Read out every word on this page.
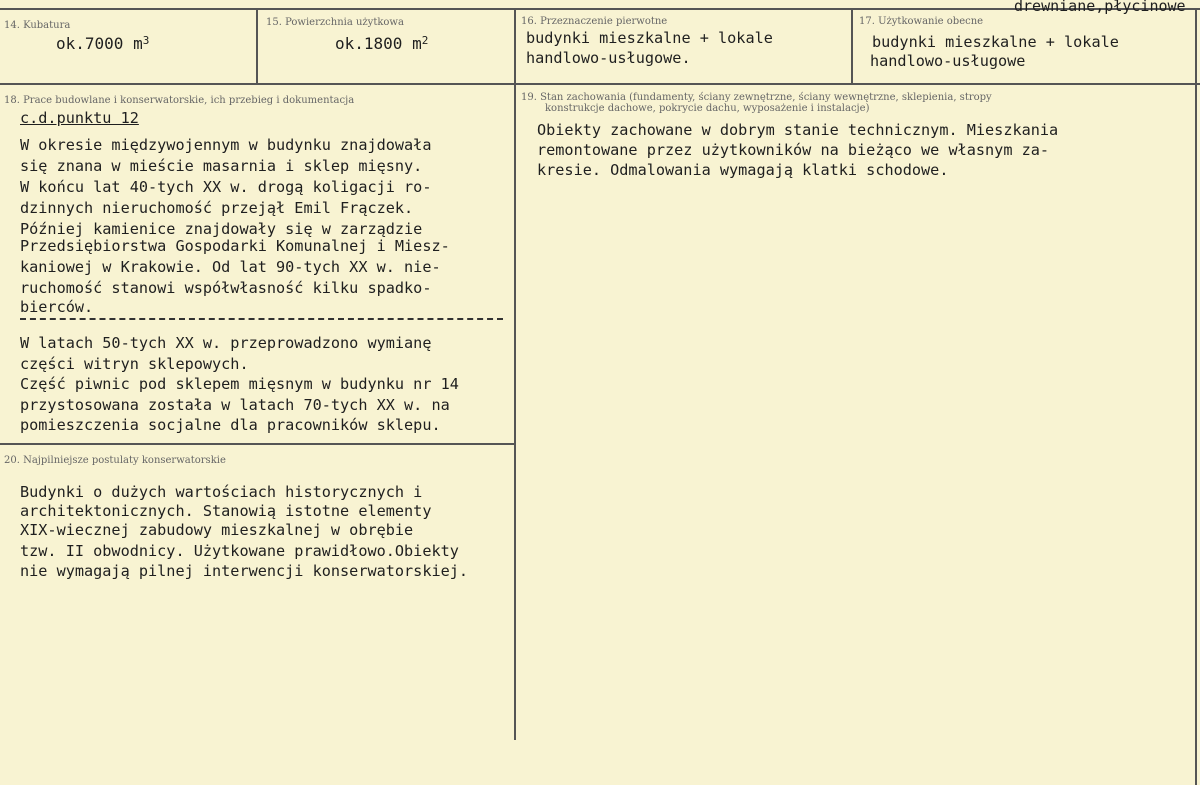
14. Kubatura
ok.7000 $m^3$
15. Powierzchnia użytkowa
ok.1800 $m^2$
16. Przeznaczenie pierwotne
budynki mieszkalne + lokale
handlowo-usługowe.
17. Użytkowanie obecne
budynki mieszkalne + lokale
handlowo-usługowe
drewniane,płycinowe
18. Prace budowlane i konserwatorskie, ich przebieg i dokumentacja
c.d.punktu 12
W okresie międzywojennym w budynku znajdowała
się znana w mieście masarnia i sklep mięsny.
W końcu lat 40-tych XX w. drogą koligacji ro-
dzinnych nieruchomość przejął Emil Frączek.
Później kamienice znajdowały się w zarządzie
Przedsiębiorstwa Gospodarki Komunalnej i Miesz-
kaniowej w Krakowie. Od lat 90-tych XX w. nie-
ruchomość stanowi współwłasność kilku spadko-
bierców.
W latach 50-tych XX w. przeprowadzono wymianę
części witryn sklepowych.
Część piwnic pod sklepem mięsnym w budynku nr 14
przystosowana została w latach 70-tych XX w. na
pomieszczenia socjalne dla pracowników sklepu.
19. Stan zachowania (fundamenty, ściany zewnętrzne, ściany wewnętrzne, sklepienia, stropy
konstrukcje dachowe, pokrycie dachu, wyposażenie i instalacje)
Obiekty zachowane w dobrym stanie technicznym. Mieszkania
remontowane przez użytkowników na bieżąco we własnym za-
kresie. Odmalowania wymagają klatki schodowe.
20. Najpilniejsze postulaty konserwatorskie
Budynki o dużych wartościach historycznych i
architektonicznych. Stanowią istotne elementy
XIX-wiecznej zabudowy mieszkalnej w obrębie
tzw. II obwodnicy. Użytkowane prawidłowo.Obiekty
nie wymagają pilnej interwencji konserwatorskiej.
